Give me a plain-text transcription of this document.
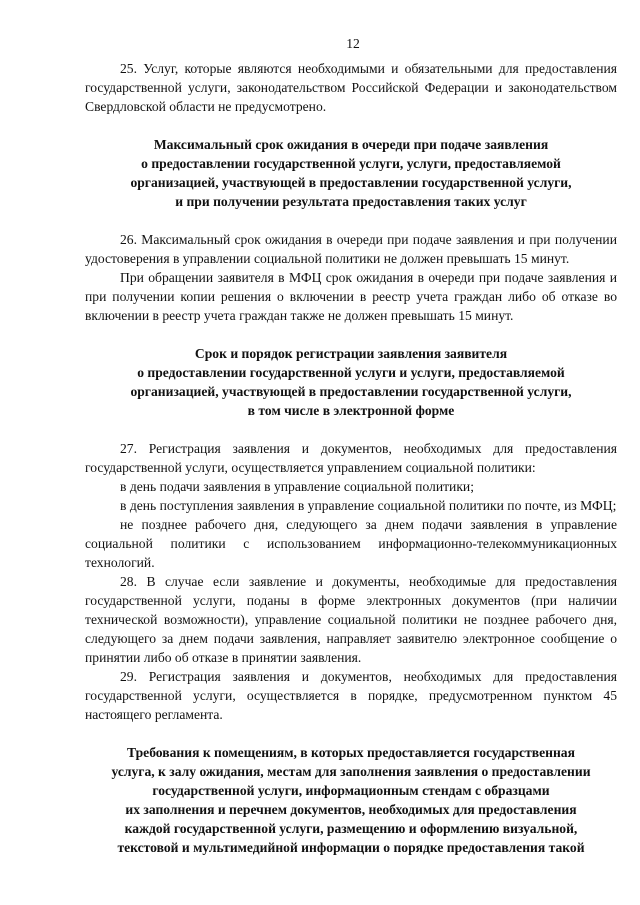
12

25. Услуг, которые являются необходимыми и обязательными для предоставления государственной услуги, законодательством Российской Федерации и законодательством Свердловской области не предусмотрено.

Максимальный срок ожидания в очереди при подаче заявления
о предоставлении государственной услуги, услуги, предоставляемой
организацией, участвующей в предоставлении государственной услуги,
и при получении результата предоставления таких услуг

26. Максимальный срок ожидания в очереди при подаче заявления и при получении удостоверения в управлении социальной политики не должен превышать 15 минут.

При обращении заявителя в МФЦ срок ожидания в очереди при подаче заявления и при получении копии решения о включении в реестр учета граждан либо об отказе во включении в реестр учета граждан также не должен превышать 15 минут.

Срок и порядок регистрации заявления заявителя
о предоставлении государственной услуги и услуги, предоставляемой
организацией, участвующей в предоставлении государственной услуги,
в том числе в электронной форме

27. Регистрация заявления и документов, необходимых для предоставления государственной услуги, осуществляется управлением социальной политики:

в день подачи заявления в управление социальной политики;

в день поступления заявления в управление социальной политики по почте, из МФЦ;

не позднее рабочего дня, следующего за днем подачи заявления в управление социальной политики с использованием информационно-телекоммуникационных технологий.

28. В случае если заявление и документы, необходимые для предоставления государственной услуги, поданы в форме электронных документов (при наличии технической возможности), управление социальной политики не позднее рабочего дня, следующего за днем подачи заявления, направляет заявителю электронное сообщение о принятии либо об отказе в принятии заявления.

29. Регистрация заявления и документов, необходимых для предоставления государственной услуги, осуществляется в порядке, предусмотренном пунктом 45 настоящего регламента.

Требования к помещениям, в которых предоставляется государственная
услуга, к залу ожидания, местам для заполнения заявления о предоставлении
государственной услуги, информационным стендам с образцами
их заполнения и перечнем документов, необходимых для предоставления
каждой государственной услуги, размещению и оформлению визуальной,
текстовой и мультимедийной информации о порядке предоставления такой
